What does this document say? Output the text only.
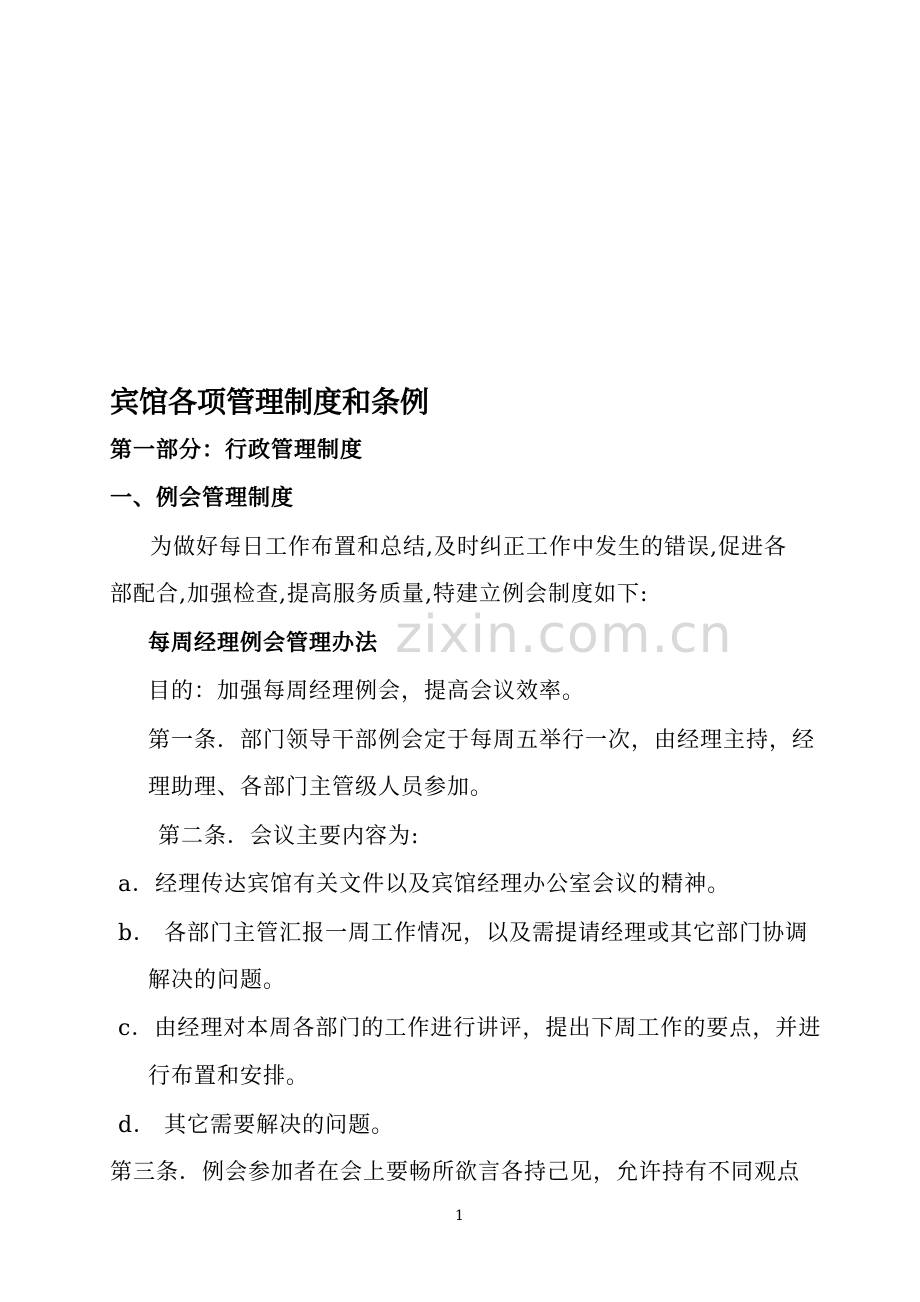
zixin.com.cn
宾馆各项管理制度和条例
第一部分：行政管理制度
一、例会管理制度
为做好每日工作布置和总结,及时纠正工作中发生的错误,促进各
部配合,加强检查,提高服务质量,特建立例会制度如下:
每周经理例会管理办法
目的：加强每周经理例会，提高会议效率。
第一条．部门领导干部例会定于每周五举行一次，由经理主持，经
理助理、各部门主管级人员参加。
第二条．会议主要内容为:
a．经理传达宾馆有关文件以及宾馆经理办公室会议的精神。
b． 各部门主管汇报一周工作情况，以及需提请经理或其它部门协调
解决的问题。
c．由经理对本周各部门的工作进行讲评，提出下周工作的要点，并进
行布置和安排。
d． 其它需要解决的问题。
第三条．例会参加者在会上要畅所欲言各持己见，允许持有不同观点
1
